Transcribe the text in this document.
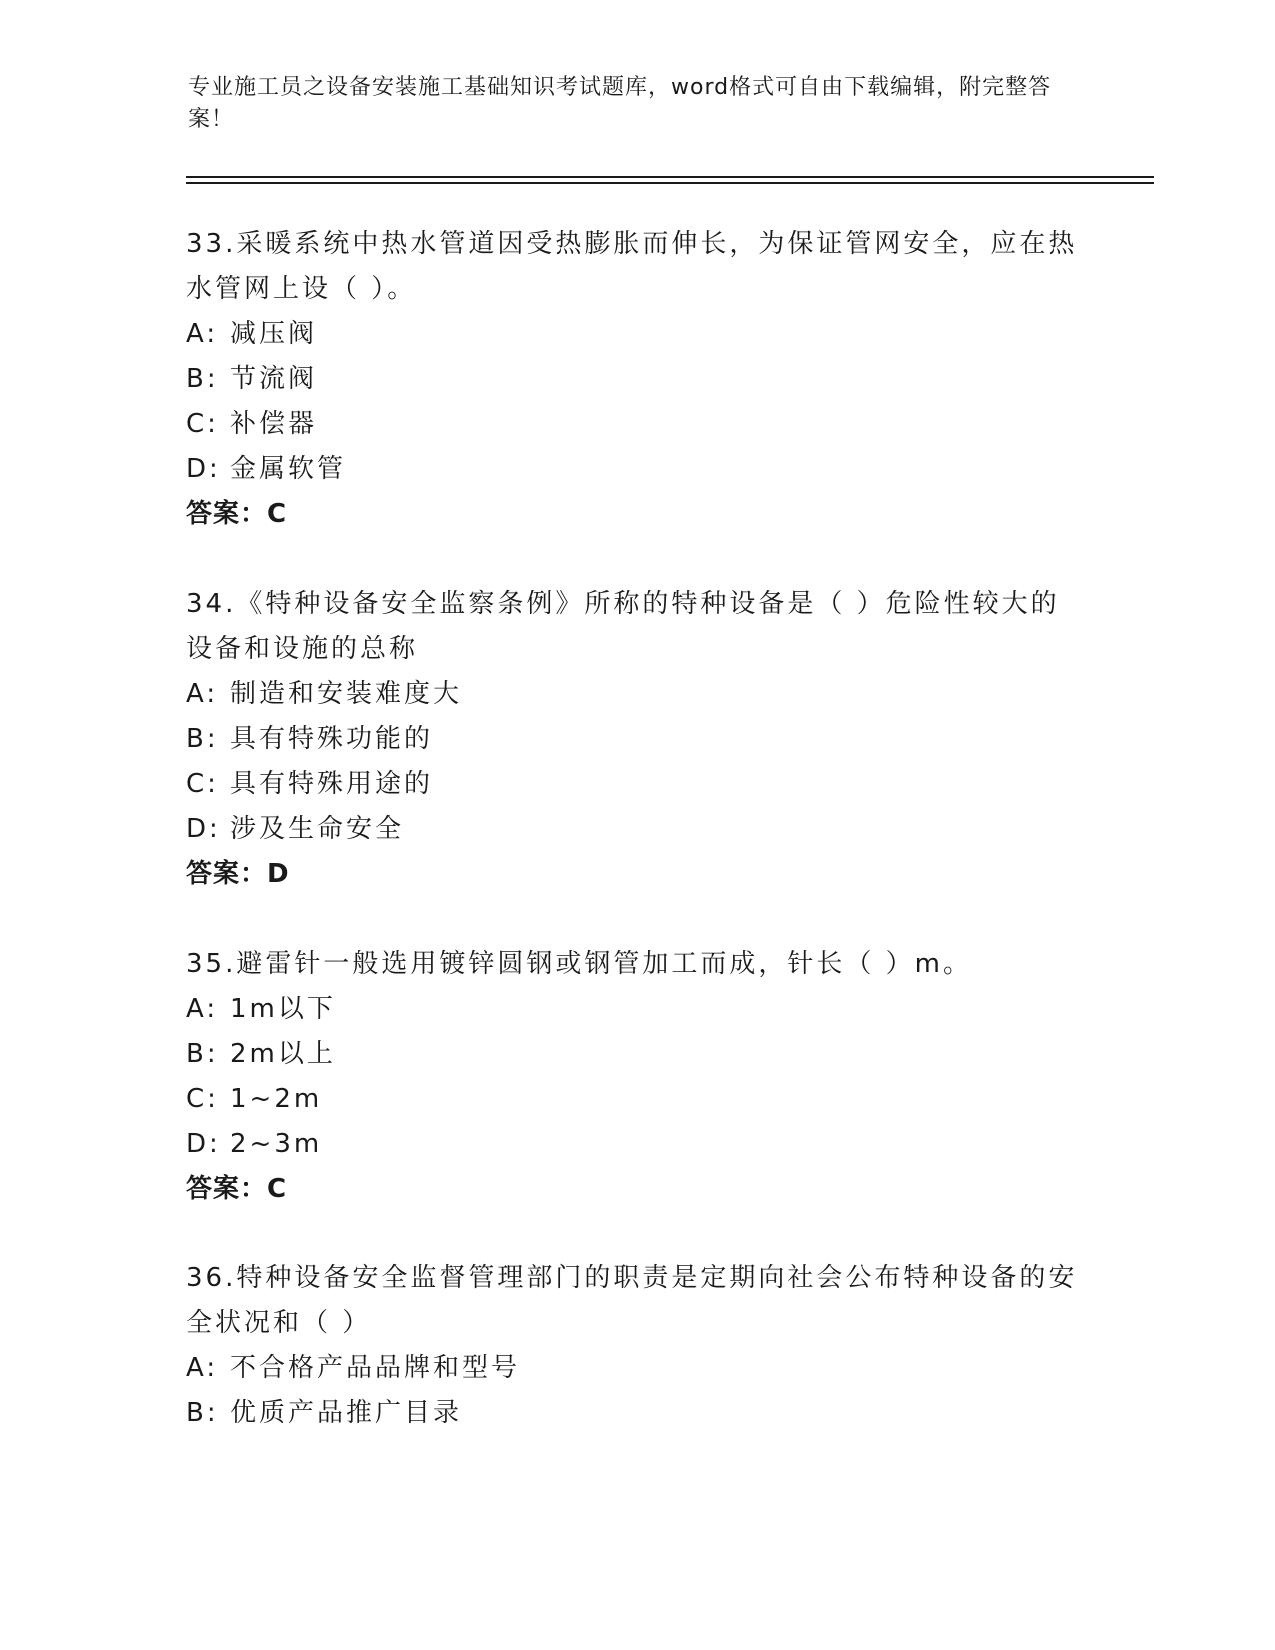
专业施工员之设备安装施工基础知识考试题库，word格式可自由下载编辑，附完整答案！

33.采暖系统中热水管道因受热膨胀而伸长，为保证管网安全，应在热水管网上设（ ）。

A: 减压阀
B: 节流阀
C: 补偿器
D: 金属软管
答案：C

34.《特种设备安全监察条例》所称的特种设备是（ ）危险性较大的设备和设施的总称

A: 制造和安装难度大
B: 具有特殊功能的
C: 具有特殊用途的
D: 涉及生命安全
答案：D

35.避雷针一般选用镀锌圆钢或钢管加工而成，针长（ ）m。

A: 1m以下
B: 2m以上
C: 1~2m
D: 2~3m
答案：C

36.特种设备安全监督管理部门的职责是定期向社会公布特种设备的安全状况和（ ）

A: 不合格产品品牌和型号
B: 优质产品推广目录
